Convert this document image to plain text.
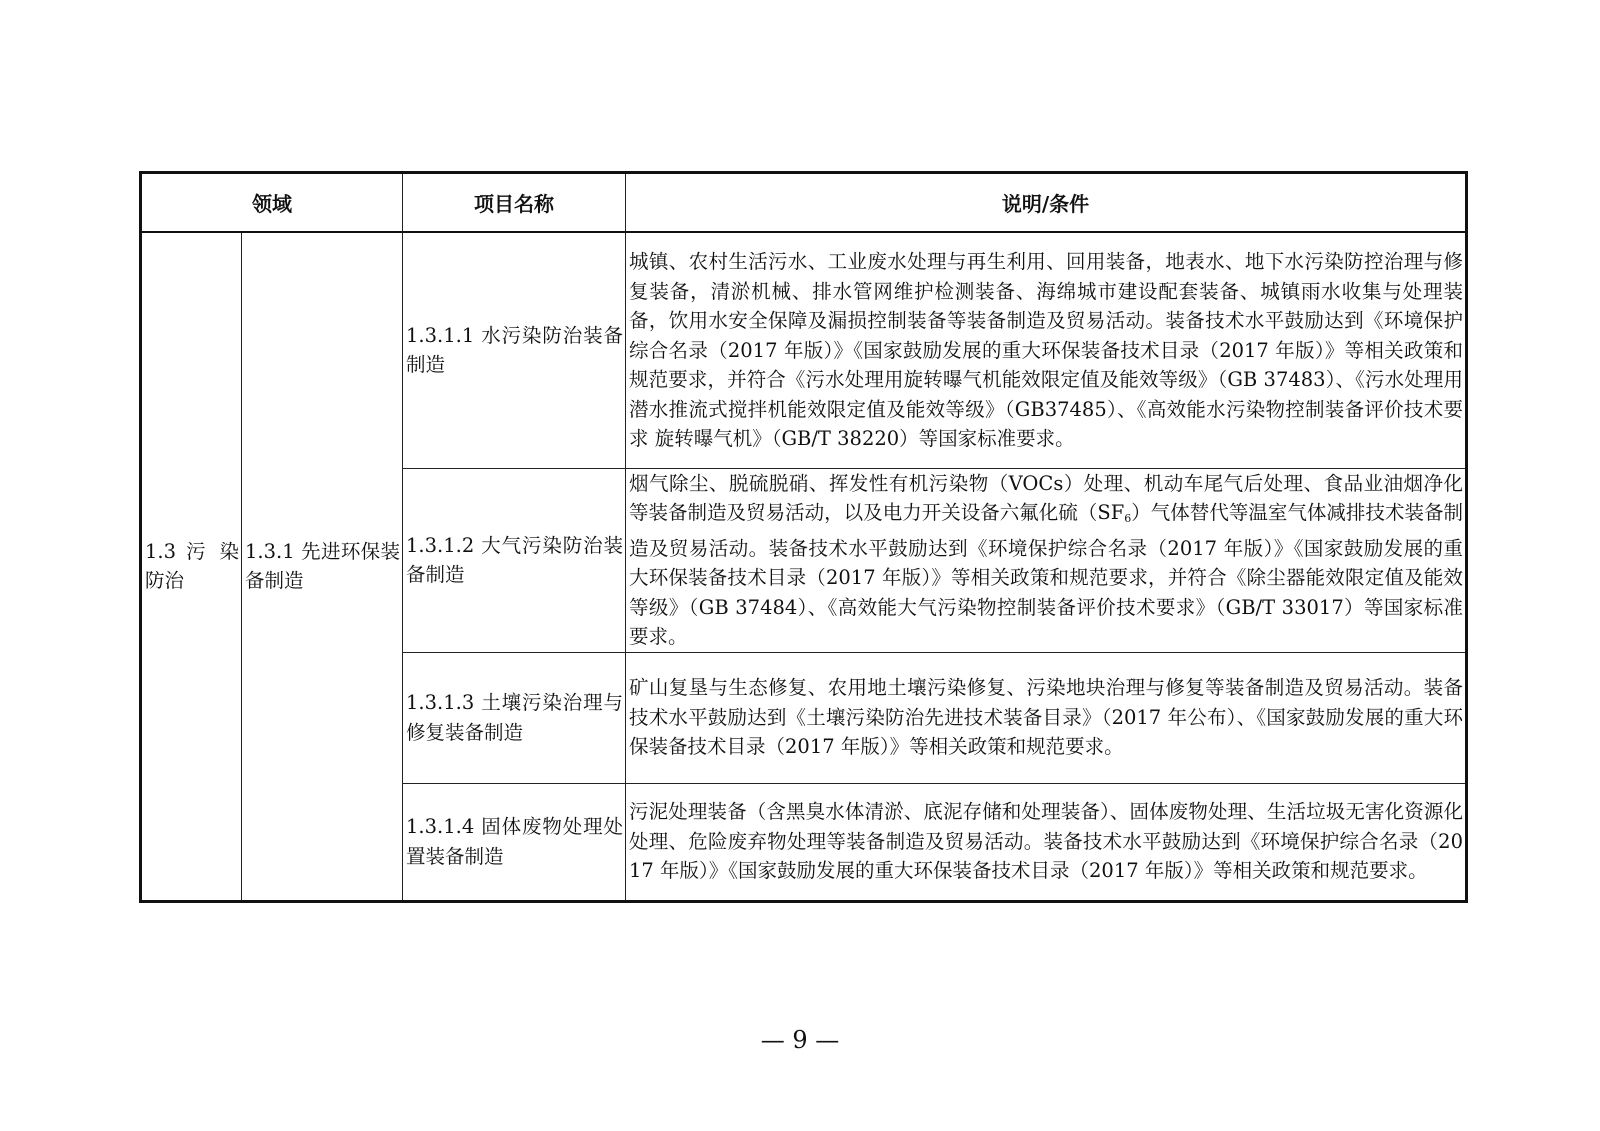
领域		项目名称	说明/条件
1.3 污 染防治	1.3.1 先进环保装备制造	1.3.1.1 水污染防治装备制造	城镇、农村生活污水、工业废水处理与再生利用、回用装备，地表水、地下水污染防控治理与修复装备，清淤机械、排水管网维护检测装备、海绵城市建设配套装备、城镇雨水收集与处理装备，饮用水安全保障及漏损控制装备等装备制造及贸易活动。装备技术水平鼓励达到《环境保护综合名录（2017 年版）》《国家鼓励发展的重大环保装备技术目录（2017 年版）》等相关政策和规范要求，并符合《污水处理用旋转曝气机能效限定值及能效等级》（GB 37483）、《污水处理用潜水推流式搅拌机能效限定值及能效等级》（GB37485）、《高效能水污染物控制装备评价技术要求 旋转曝气机》（GB/T 38220）等国家标准要求。
		1.3.1.2 大气污染防治装备制造	烟气除尘、脱硫脱硝、挥发性有机污染物（VOCs）处理、机动车尾气后处理、食品业油烟净化等装备制造及贸易活动，以及电力开关设备六氟化硫$(SF_6)$气体替代等温室气体减排技术装备制造及贸易活动。装备技术水平鼓励达到《环境保护综合名录（2017 年版）》《国家鼓励发展的重大环保装备技术目录（2017 年版）》等相关政策和规范要求，并符合《除尘器能效限定值及能效等级》（GB 37484）、《高效能大气污染物控制装备评价技术要求》（GB/T 33017）等国家标准要求。
		1.3.1.3 土壤污染治理与修复装备制造	矿山复垦与生态修复、农用地土壤污染修复、污染地块治理与修复等装备制造及贸易活动。装备技术水平鼓励达到《土壤污染防治先进技术装备目录》（2017 年公布）、《国家鼓励发展的重大环保装备技术目录（2017 年版）》等相关政策和规范要求。
		1.3.1.4 固体废物处理处置装备制造	污泥处理装备（含黑臭水体清淤、底泥存储和处理装备）、固体废物处理、生活垃圾无害化资源化处理、危险废弃物处理等装备制造及贸易活动。装备技术水平鼓励达到《环境保护综合名录（2017 年版）》《国家鼓励发展的重大环保装备技术目录（2017 年版）》等相关政策和规范要求。
— 9 —
